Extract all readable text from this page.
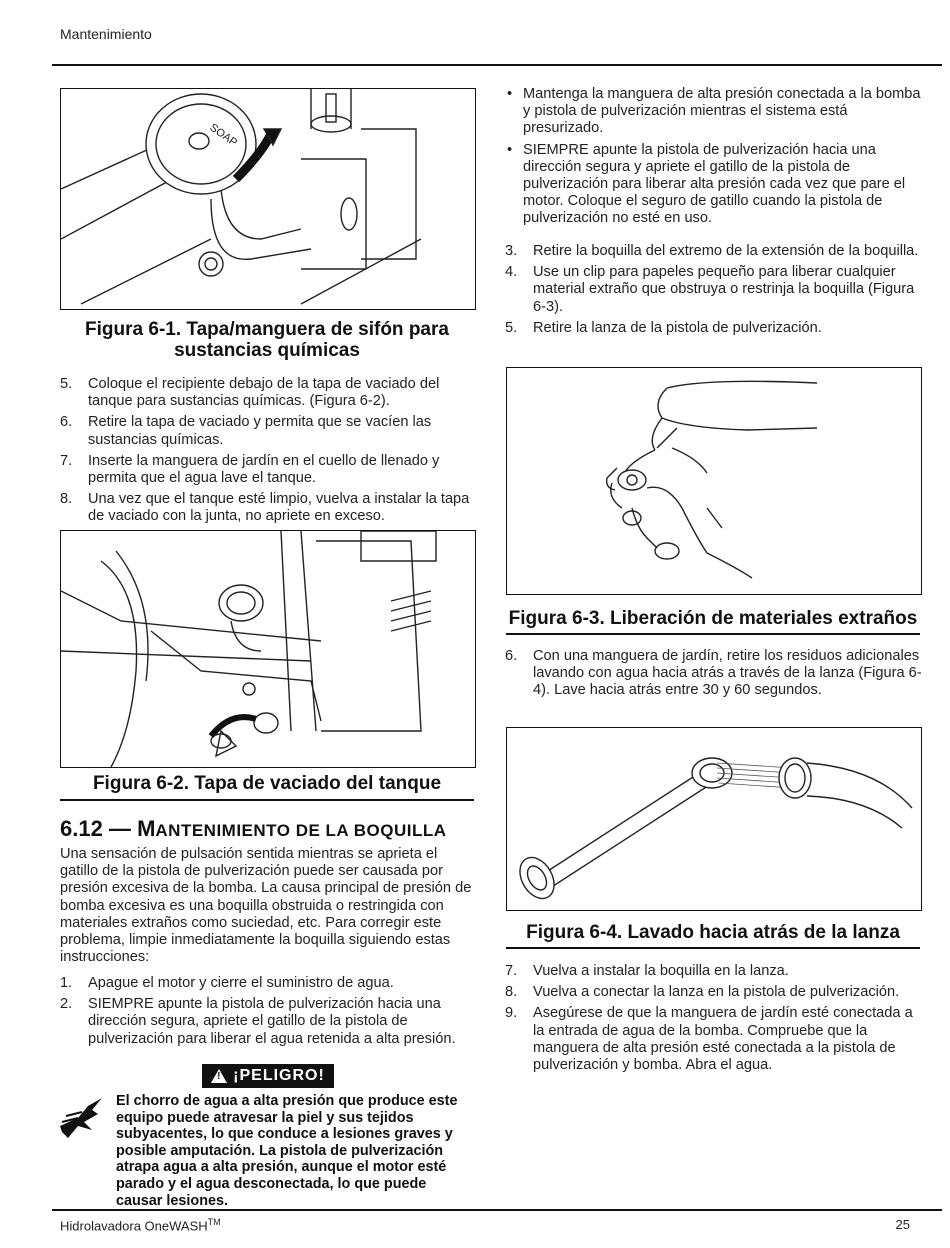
Mantenimiento
SOAP
Figura 6-1. Tapa/manguera de sifón para
sustancias químicas
5. Coloque el recipiente debajo de la tapa de vaciado del tanque para sustancias químicas. (Figura 6-2).
6. Retire la tapa de vaciado y permita que se vacíen las sustancias químicas.
7. Inserte la manguera de jardín en el cuello de llenado y permita que el agua lave el tanque.
8. Una vez que el tanque esté limpio, vuelva a instalar la tapa de vaciado con la junta, no apriete en exceso.
Figura 6-2. Tapa de vaciado del tanque
6.12 — MANTENIMIENTO DE LA BOQUILLA
Una sensación de pulsación sentida mientras se aprieta el gatillo de la pistola de pulverización puede ser causada por presión excesiva de la bomba. La causa principal de presión de bomba excesiva es una boquilla obstruida o restringida con materiales extraños como suciedad, etc. Para corregir este problema, limpie inmediatamente la boquilla siguiendo estas instrucciones:
1. Apague el motor y cierre el suministro de agua.
2. SIEMPRE apunte la pistola de pulverización hacia una dirección segura, apriete el gatillo de la pistola de pulverización para liberar el agua retenida a alta presión.
! ¡PELIGRO!
El chorro de agua a alta presión que produce este equipo puede atravesar la piel y sus tejidos subyacentes, lo que conduce a lesiones graves y posible amputación. La pistola de pulverización atrapa agua a alta presión, aunque el motor esté parado y el agua desconectada, lo que puede causar lesiones.
• Mantenga la manguera de alta presión conectada a la bomba y pistola de pulverización mientras el sistema está presurizado.
• SIEMPRE apunte la pistola de pulverización hacia una dirección segura y apriete el gatillo de la pistola de pulverización para liberar alta presión cada vez que pare el motor. Coloque el seguro de gatillo cuando la pistola de pulverización no esté en uso.
3. Retire la boquilla del extremo de la extensión de la boquilla.
4. Use un clip para papeles pequeño para liberar cualquier material extraño que obstruya o restrinja la boquilla (Figura 6-3).
5. Retire la lanza de la pistola de pulverización.
Figura 6-3. Liberación de materiales extraños
6. Con una manguera de jardín, retire los residuos adicionales lavando con agua hacia atrás a través de la lanza (Figura 6-4). Lave hacia atrás entre 30 y 60 segundos.
Figura 6-4. Lavado hacia atrás de la lanza
7. Vuelva a instalar la boquilla en la lanza.
8. Vuelva a conectar la lanza en la pistola de pulverización.
9. Asegúrese de que la manguera de jardín esté conectada a la entrada de agua de la bomba. Compruebe que la manguera de alta presión esté conectada a la pistola de pulverización y bomba. Abra el agua.
Hidrolavadora OneWASH™	25
